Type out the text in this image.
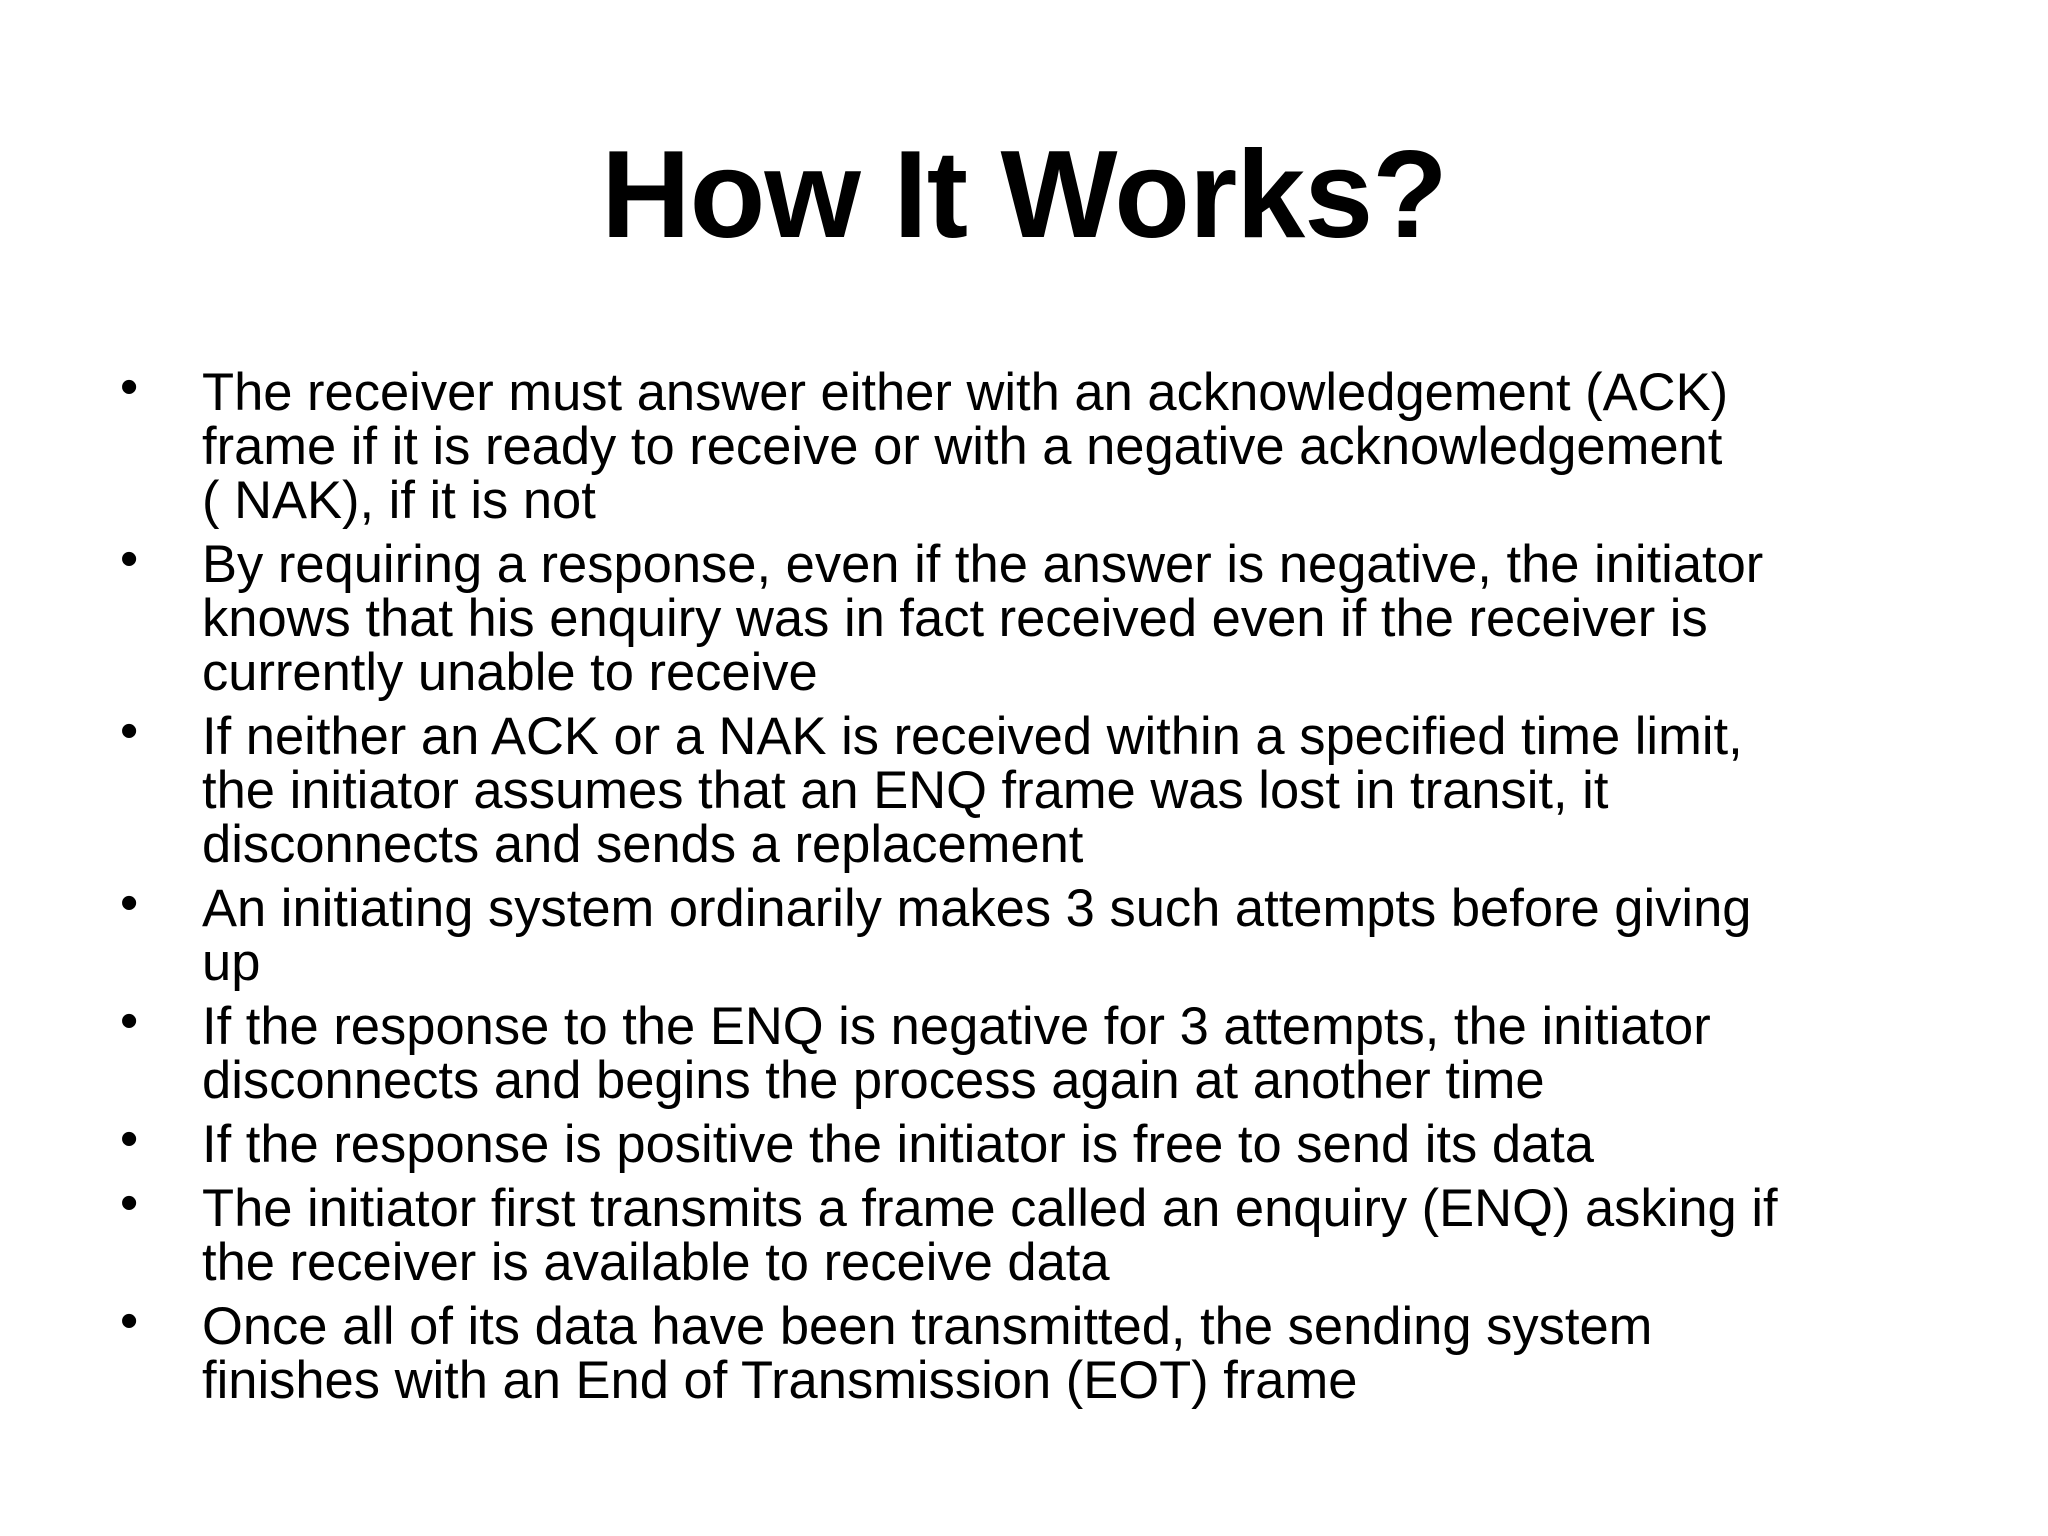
How It Works?
• The receiver must answer either with an acknowledgement (ACK)
frame if it is ready to receive or with a negative acknowledgement
( NAK), if it is not
• By requiring a response, even if the answer is negative, the initiator
knows that his enquiry was in fact received even if the receiver is
currently unable to receive
• If neither an ACK or a NAK is received within a specified time limit,
the initiator assumes that an ENQ frame was lost in transit, it
disconnects and sends a replacement
• An initiating system ordinarily makes 3 such attempts before giving
up
• If the response to the ENQ is negative for 3 attempts, the initiator
disconnects and begins the process again at another time
• If the response is positive the initiator is free to send its data
• The initiator first transmits a frame called an enquiry (ENQ) asking if
the receiver is available to receive data
• Once all of its data have been transmitted, the sending system
finishes with an End of Transmission (EOT) frame
